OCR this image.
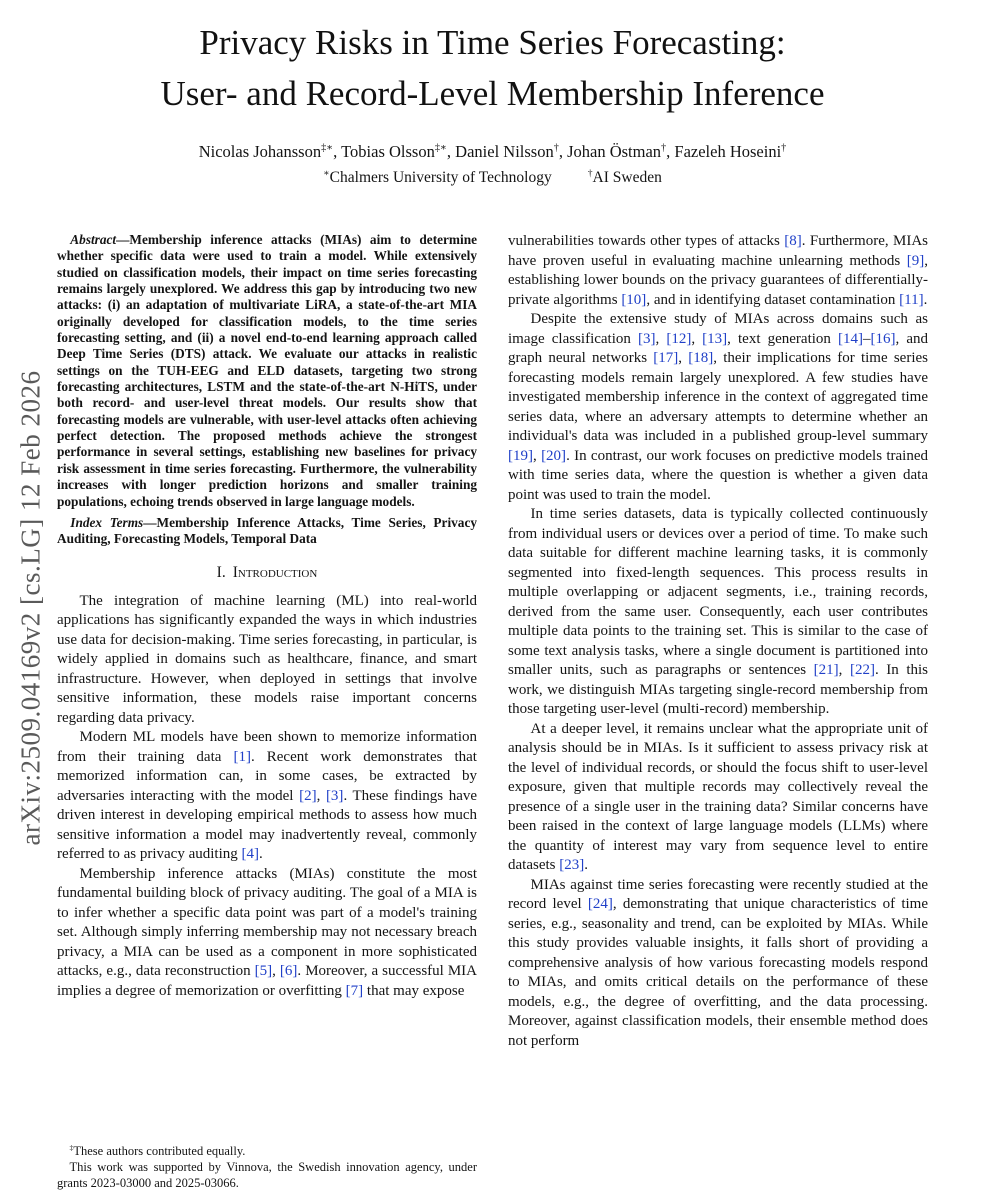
arXiv:2509.04169v2 [cs.LG] 12 Feb 2026
Privacy Risks in Time Series Forecasting:
User- and Record-Level Membership Inference
Nicolas Johansson‡∗, Tobias Olsson‡∗, Daniel Nilsson†, Johan Östman†, Fazeleh Hoseini†
∗Chalmers University of Technology	†AI Sweden

Abstract—Membership inference attacks (MIAs) aim to determine whether specific data were used to train a model. While extensively studied on classification models, their impact on time series forecasting remains largely unexplored. We address this gap by introducing two new attacks: (i) an adaptation of multivariate LiRA, a state-of-the-art MIA originally developed for classification models, to the time series forecasting setting, and (ii) a novel end-to-end learning approach called Deep Time Series (DTS) attack. We evaluate our attacks in realistic settings on the TUH-EEG and ELD datasets, targeting two strong forecasting architectures, LSTM and the state-of-the-art N-HiTS, under both record- and user-level threat models. Our results show that forecasting models are vulnerable, with user-level attacks often achieving perfect detection. The proposed methods achieve the strongest performance in several settings, establishing new baselines for privacy risk assessment in time series forecasting. Furthermore, the vulnerability increases with longer prediction horizons and smaller training populations, echoing trends observed in large language models.

Index Terms—Membership Inference Attacks, Time Series, Privacy Auditing, Forecasting Models, Temporal Data

I. Introduction

The integration of machine learning (ML) into real-world applications has significantly expanded the ways in which industries use data for decision-making. Time series forecasting, in particular, is widely applied in domains such as healthcare, finance, and smart infrastructure. However, when deployed in settings that involve sensitive information, these models raise important concerns regarding data privacy.

Modern ML models have been shown to memorize information from their training data [1]. Recent work demonstrates that memorized information can, in some cases, be extracted by adversaries interacting with the model [2], [3]. These findings have driven interest in developing empirical methods to assess how much sensitive information a model may inadvertently reveal, commonly referred to as privacy auditing [4].

Membership inference attacks (MIAs) constitute the most fundamental building block of privacy auditing. The goal of a MIA is to infer whether a specific data point was part of a model's training set. Although simply inferring membership may not necessary breach privacy, a MIA can be used as a component in more sophisticated attacks, e.g., data reconstruction [5], [6]. Moreover, a successful MIA implies a degree of memorization or overfitting [7] that may expose

vulnerabilities towards other types of attacks [8]. Furthermore, MIAs have proven useful in evaluating machine unlearning methods [9], establishing lower bounds on the privacy guarantees of differentially-private algorithms [10], and in identifying dataset contamination [11].

Despite the extensive study of MIAs across domains such as image classification [3], [12], [13], text generation [14]–[16], and graph neural networks [17], [18], their implications for time series forecasting models remain largely unexplored. A few studies have investigated membership inference in the context of aggregated time series data, where an adversary attempts to determine whether an individual's data was included in a published group-level summary [19], [20]. In contrast, our work focuses on predictive models trained with time series data, where the question is whether a given data point was used to train the model.

In time series datasets, data is typically collected continuously from individual users or devices over a period of time. To make such data suitable for different machine learning tasks, it is commonly segmented into fixed-length sequences. This process results in multiple overlapping or adjacent segments, i.e., training records, derived from the same user. Consequently, each user contributes multiple data points to the training set. This is similar to the case of some text analysis tasks, where a single document is partitioned into smaller units, such as paragraphs or sentences [21], [22]. In this work, we distinguish MIAs targeting single-record membership from those targeting user-level (multi-record) membership.

At a deeper level, it remains unclear what the appropriate unit of analysis should be in MIAs. Is it sufficient to assess privacy risk at the level of individual records, or should the focus shift to user-level exposure, given that multiple records may collectively reveal the presence of a single user in the training data? Similar concerns have been raised in the context of large language models (LLMs) where the quantity of interest may vary from sequence level to entire datasets [23].

MIAs against time series forecasting were recently studied at the record level [24], demonstrating that unique characteristics of time series, e.g., seasonality and trend, can be exploited by MIAs. While this study provides valuable insights, it falls short of providing a comprehensive analysis of how various forecasting models respond to MIAs, and omits critical details on the performance of these models, e.g., the degree of overfitting, and the data processing. Moreover, against classification models, their ensemble method does not perform

‡These authors contributed equally.

This work was supported by Vinnova, the Swedish innovation agency, under grants 2023-03000 and 2025-03066.
